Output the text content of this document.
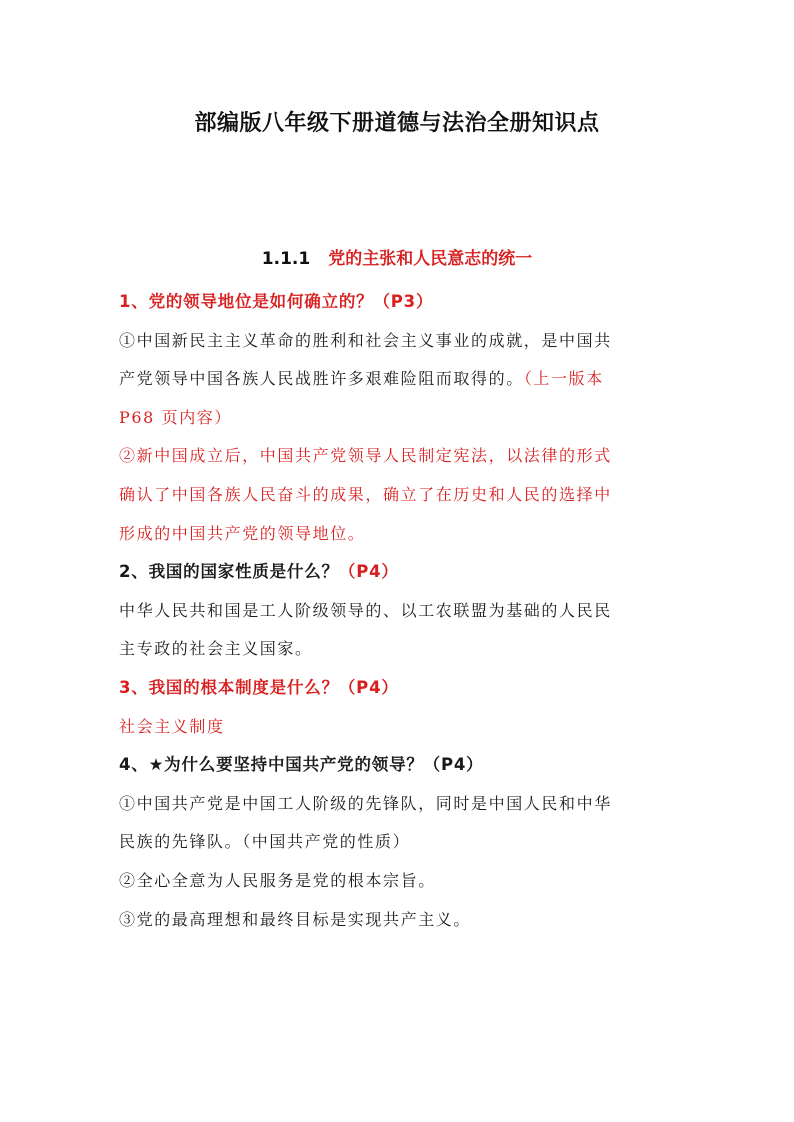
部编版八年级下册道德与法治全册知识点
1.1.1 党的主张和人民意志的统一
1、党的领导地位是如何确立的？（P3）
①中国新民主主义革命的胜利和社会主义事业的成就，是中国共
产党领导中国各族人民战胜许多艰难险阻而取得的。（上一版本
P68 页内容）
②新中国成立后，中国共产党领导人民制定宪法，以法律的形式
确认了中国各族人民奋斗的成果，确立了在历史和人民的选择中
形成的中国共产党的领导地位。
2、我国的国家性质是什么？（P4）
中华人民共和国是工人阶级领导的、以工农联盟为基础的人民民
主专政的社会主义国家。
3、我国的根本制度是什么？（P4）
社会主义制度
4、★为什么要坚持中国共产党的领导？（P4）
①中国共产党是中国工人阶级的先锋队，同时是中国人民和中华
民族的先锋队。（中国共产党的性质）
②全心全意为人民服务是党的根本宗旨。
③党的最高理想和最终目标是实现共产主义。
